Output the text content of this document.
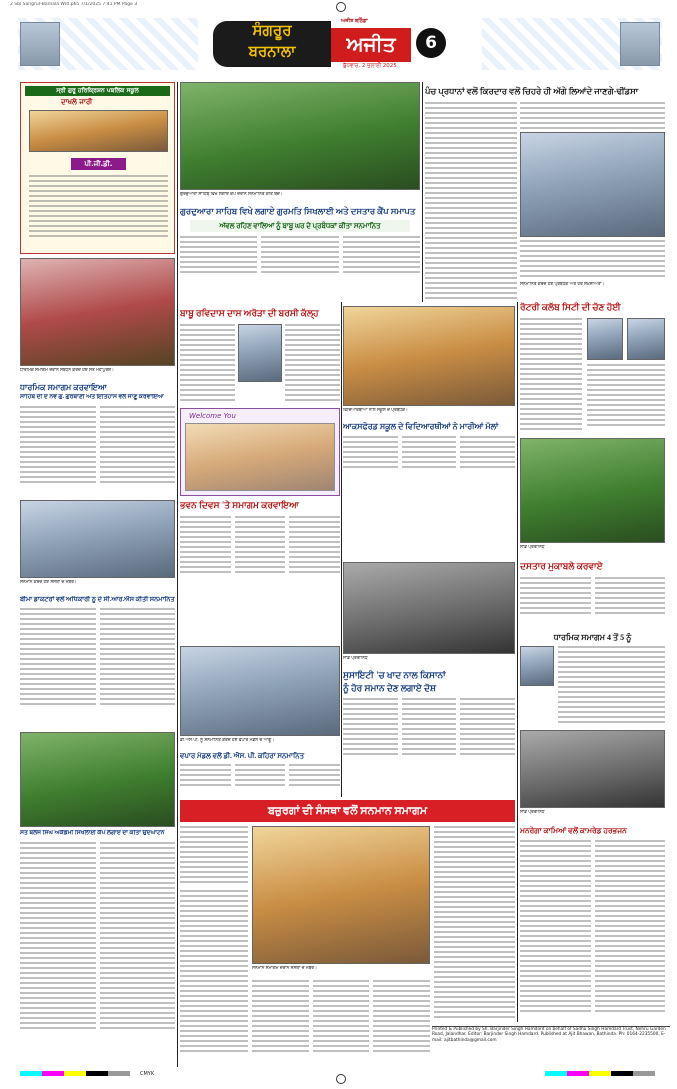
2 Sbl Sangrur-Barnala Wrd.p65 7/1/2025 7:41 PM Page 3
ਸੰਗਰੂਰ
ਬਰਨਾਲਾ
ਅਜੀਤ ਬਠਿੰਡਾ
ਅਜੀਤ	6
ਬੁੱਧਵਾਰ, 2 ਜੁਲਾਈ 2025
ਸ੍ਰੀ ਗੁਰੂ ਹਰਿਕ੍ਰਿਸ਼ਨ ਪਬਲਿਕ ਸਕੂਲ
ਦਾਖਲੇ ਜਾਰੀ
ਪੀ.ਜੀ.ਡੀ.
ਗੁਰਦੁਆਰਾ ਸਾਹਿਬ ਵਿਖੇ ਲਗਾਏ ਕੈਂਪ ਦੌਰਾਨ ਸਨਮਾਨਿਤ ਕੀਤੇ ਬੱਚੇ।
ਗੁਰਦੁਆਰਾ ਸਾਹਿਬ ਵਿਖੇ ਲਗਾਏ ਗੁਰਮਤਿ ਸਿਖਲਾਈ ਅਤੇ ਦਸਤਾਰ ਕੈਂਪ ਸਮਾਪਤ
ਅੱਵਲ ਰਹਿਣ ਵਾਲਿਆਂ ਨੂੰ ਬਾਬੂ ਘਰ ਦੇ ਪ੍ਰਬੰਧਕਾਂ ਕੀਤਾ ਸਨਮਾਨਿਤ
ਪੰਚ ਪ੍ਰਧਾਨਾਂ ਵਲੋਂ ਕਿਰਦਾਰ ਵਲੋਂ ਚਿਹਰੇ ਹੀ ਅੱਗੇ ਲਿਆਂਦੇ ਜਾਣਗੇ-ਢੀਂਡਸਾ
ਸਨਮਾਨਿਤ ਕਰਦੇ ਹੋਏ ਪ੍ਰਬੰਧਕ ਅਤੇ ਹੋਰ ਸ਼ਖ਼ਸੀਅਤਾਂ।
ਰੋਟਰੀ ਕਲੱਬ ਸਿਟੀ ਦੀ ਚੋਣ ਹੋਈ
ਧਾਰਮਿਕ ਸਮਾਗਮ ਦੌਰਾਨ ਸੰਬੋਧਨ ਕਰਦੇ ਹੋਏ ਸੰਤ ਮਹਾਂਪੁਰਸ਼।
ਧਾਰਮਿਕ ਸਮਾਗਮ ਕਰਵਾਇਆ
ਸਾਹਿਬ ਦੀ ਦੇ ਨਵੇਂ ਗੁ. ਗੁਰਬਾਣੀ ਅਤੇ ਇਤਿਹਾਸ ਵਲੋਂ ਜਾਣੂ ਕਰਵਾਇਆ
ਬਾਬੂ ਰਵਿਦਾਸ ਦਾਸ ਅਰੋੜਾ ਦੀ ਬਰਸੀ ਕੱਲ੍ਹ
Welcome You
ਵਿਦਿਆਰਥੀਆਂ ਨਾਲ ਸਕੂਲ ਦੇ ਪ੍ਰਬੰਧਕ।
ਆਕਸਫੋਰਡ ਸਕੂਲ ਦੇ ਵਿਦਿਆਰਥੀਆਂ ਨੇ ਮਾਰੀਆਂ ਮੱਲਾਂ
ਸਾਡੇ ਪ੍ਰਤੀਨਿਧ
ਦਸਤਾਰ ਮੁਕਾਬਲੇ ਕਰਵਾਏ
ਧਾਰਮਿਕ ਸਮਾਗਮ 4 ਤੋਂ 5 ਨੂੰ
ਭਵਨ ਦਿਵਸ 'ਤੇ ਸਮਾਗਮ ਕਰਵਾਇਆ
ਸਨਮਾਨ ਕਰਦੇ ਹੋਏ ਸੰਸਥਾ ਦੇ ਮੈਂਬਰ।
ਬੀਮਾ ਡਾਕਟਰਾਂ ਵਲੋਂ ਅਧਿਕਾਰੀ ਨੂੰ ਦੋ ਸੀ.ਆਰ.ਐਸ ਕੀਤੀ ਸਨਮਾਨਿਤ
ਸਾਡੇ ਪ੍ਰਤੀਨਿਧ
ਸੁਸਾਇਟੀ 'ਚ ਖਾਦ ਨਾਲ ਕਿਸਾਨਾਂ
ਨੂੰ ਹੋਰ ਸਮਾਨ ਦੇਣ ਲਗਾਏ ਦੋਸ਼
ਡੀ.ਐਸ.ਪੀ. ਨੂੰ ਸਨਮਾਨਿਤ ਕਰਦੇ ਹੋਏ ਵਪਾਰ ਮੰਡਲ ਦੇ ਆਗੂ।
ਵਪਾਰ ਮੰਡਲ ਵਲੋਂ ਡੀ. ਐਸ. ਪੀ. ਕਹਿਰਾ ਸਨਮਾਨਿਤ
ਸਾਡੇ ਪ੍ਰਤੀਨਿਧ
ਸੰਤ ਬਲਜ ਸਿੰਘ ਅਕੈਡਮੀ ਸਿਖਲਾਈ ਕੈਂਪ ਲਗਾਏ ਦਾ ਕੀਤਾ ਉਦਘਾਟਨ
ਬਜ਼ੁਰਗਾਂ ਦੀ ਸੰਸਥਾ ਵਲੋਂ ਸਨਮਾਨ ਸਮਾਗਮ
ਸਨਮਾਨ ਸਮਾਗਮ ਦੌਰਾਨ ਸੰਸਥਾ ਦੇ ਮੈਂਬਰ।
ਮਨਰੇਗਾ ਕਾਮਿਆਂ ਵਲੋਂ ਕਾਮਰੇਡ ਹਰਭਜਨ
Printed & Published by Sh. Barjinder Singh Hamdard on behalf of Sadhu Singh Hamdard Trust, Nehru Garden Road, Jalandhar. Editor: Barjinder Singh Hamdard. Published at Ajit Bhawan, Bathinda. Ph: 0164-2235500, E-mail: ajitbathinda@gmail.com
CMYK
